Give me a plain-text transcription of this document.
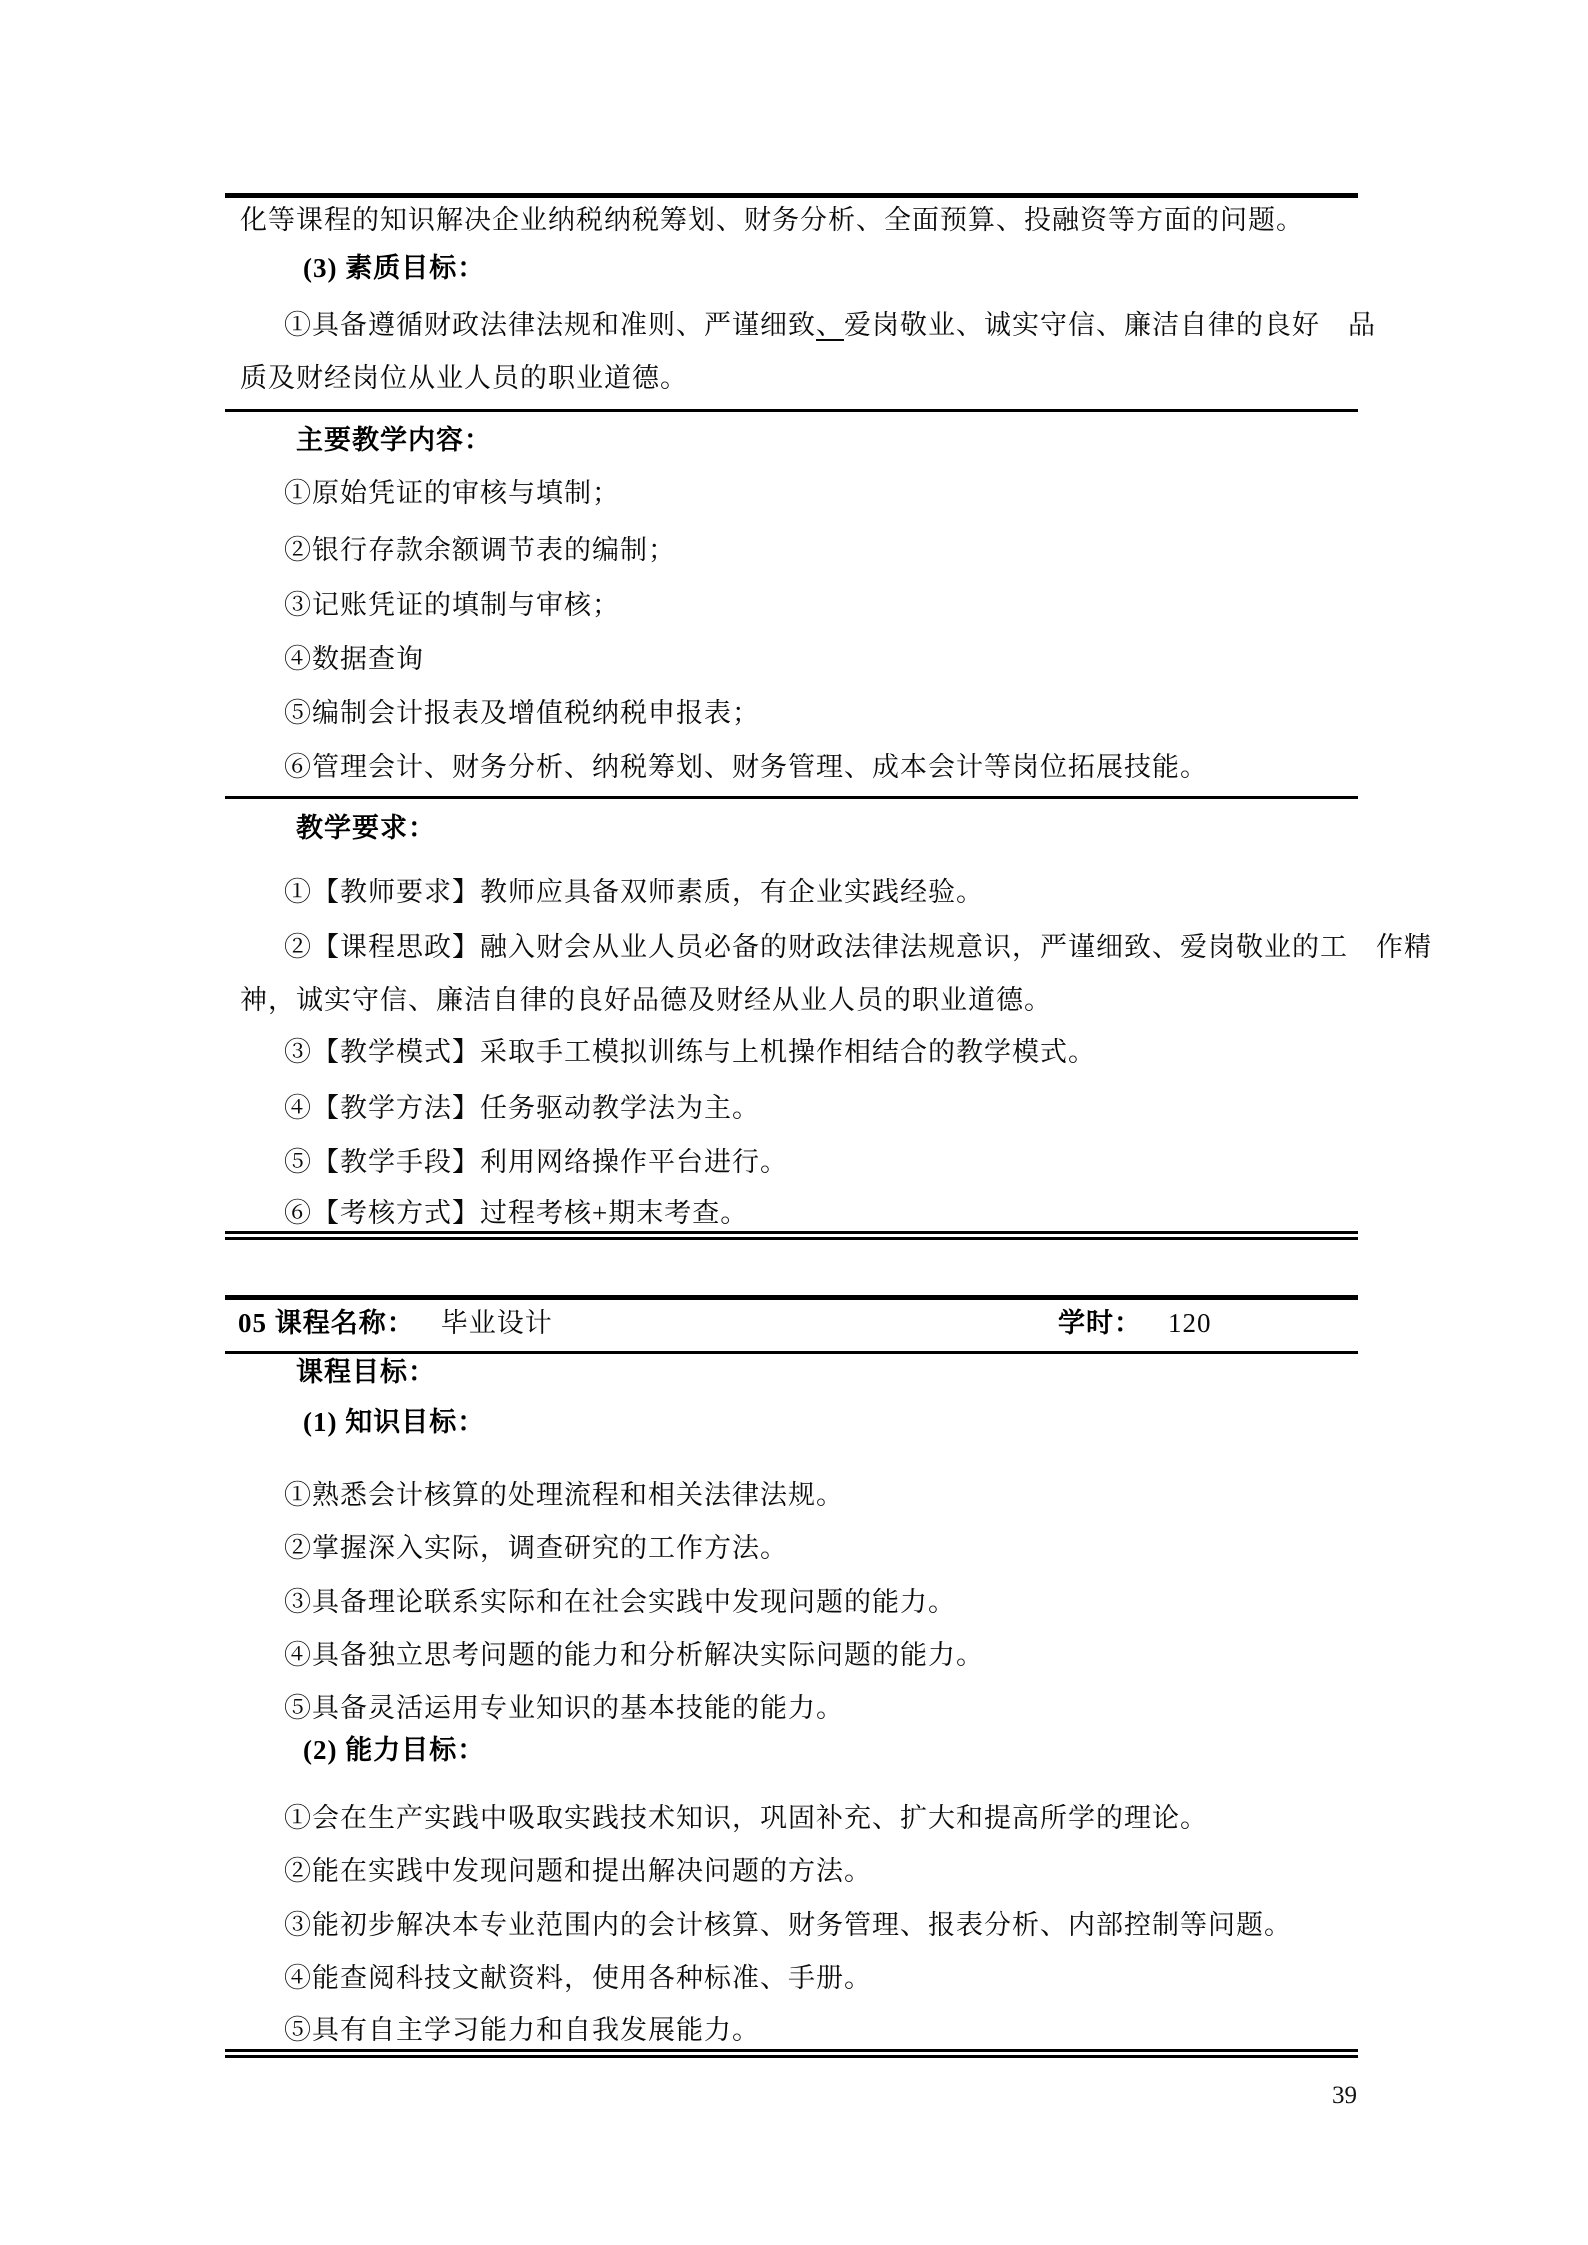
化等课程的知识解决企业纳税纳税筹划、财务分析、全面预算、投融资等方面的问题。
(3) 素质目标：
①具备遵循财政法律法规和准则、严谨细致、爱岗敬业、诚实守信、廉洁自律的良好　品
质及财经岗位从业人员的职业道德。
主要教学内容：
①原始凭证的审核与填制；
②银行存款余额调节表的编制；
③记账凭证的填制与审核；
④数据查询
⑤编制会计报表及增值税纳税申报表；
⑥管理会计、财务分析、纳税筹划、财务管理、成本会计等岗位拓展技能。
教学要求：
①【教师要求】教师应具备双师素质，有企业实践经验。
②【课程思政】融入财会从业人员必备的财政法律法规意识，严谨细致、爱岗敬业的工　作精
神，诚实守信、廉洁自律的良好品德及财经从业人员的职业道德。
③【教学模式】采取手工模拟训练与上机操作相结合的教学模式。
④【教学方法】任务驱动教学法为主。
⑤【教学手段】利用网络操作平台进行。
⑥【考核方式】过程考核+期末考查。
05 课程名称： 毕业设计	学时： 120
课程目标：
(1) 知识目标：
①熟悉会计核算的处理流程和相关法律法规。
②掌握深入实际，调查研究的工作方法。
③具备理论联系实际和在社会实践中发现问题的能力。
④具备独立思考问题的能力和分析解决实际问题的能力。
⑤具备灵活运用专业知识的基本技能的能力。
(2) 能力目标：
①会在生产实践中吸取实践技术知识，巩固补充、扩大和提高所学的理论。
②能在实践中发现问题和提出解决问题的方法。
③能初步解决本专业范围内的会计核算、财务管理、报表分析、内部控制等问题。
④能查阅科技文献资料，使用各种标准、手册。
⑤具有自主学习能力和自我发展能力。
39
